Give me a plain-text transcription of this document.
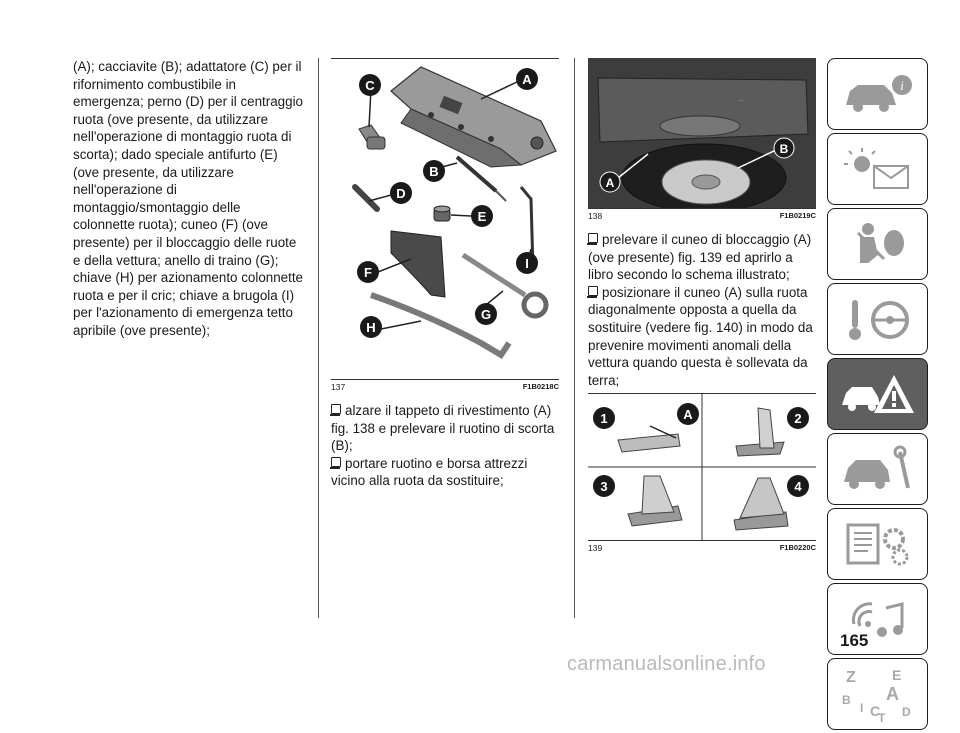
(A); cacciavite (B); adattatore (C) per il rifornimento combustibile in emergenza; perno (D) per il centraggio ruota (ove presente, da utilizzare nell'operazione di montaggio ruota di scorta); dado speciale antifurto (E) (ove presente, da utilizzare nell'operazione di montaggio/smontaggio delle colonnette ruota); cuneo (F) (ove presente) per il bloccaggio delle ruote e della vettura; anello di traino (G); chiave (H) per azionamento colonnette ruota e per il cric; chiave a brugola (I) per l'azionamento di emergenza tetto apribile (ove presente);
C	A
B
D
E
F
I
G
H
137	F1B0218C
alzare il tappeto di rivestimento (A) fig. 138 e prelevare il ruotino di scorta (B);
portare ruotino e borsa attrezzi vicino alla ruota da sostituire;
—
A
B
138	F1B0219C
prelevare il cuneo di bloccaggio (A) (ove presente) fig. 139 ed aprirlo a libro secondo lo schema illustrato;
posizionare il cuneo (A) sulla ruota diagonalmente opposta a quella da sostituire (vedere fig. 140) in modo da prevenire movimenti anomali della vettura quando questa è sollevata da terra;
1	A	2
3	4
139	F1B0220C
i
Z	E
A
B
I C
T D
165
carmanualsonline.info
